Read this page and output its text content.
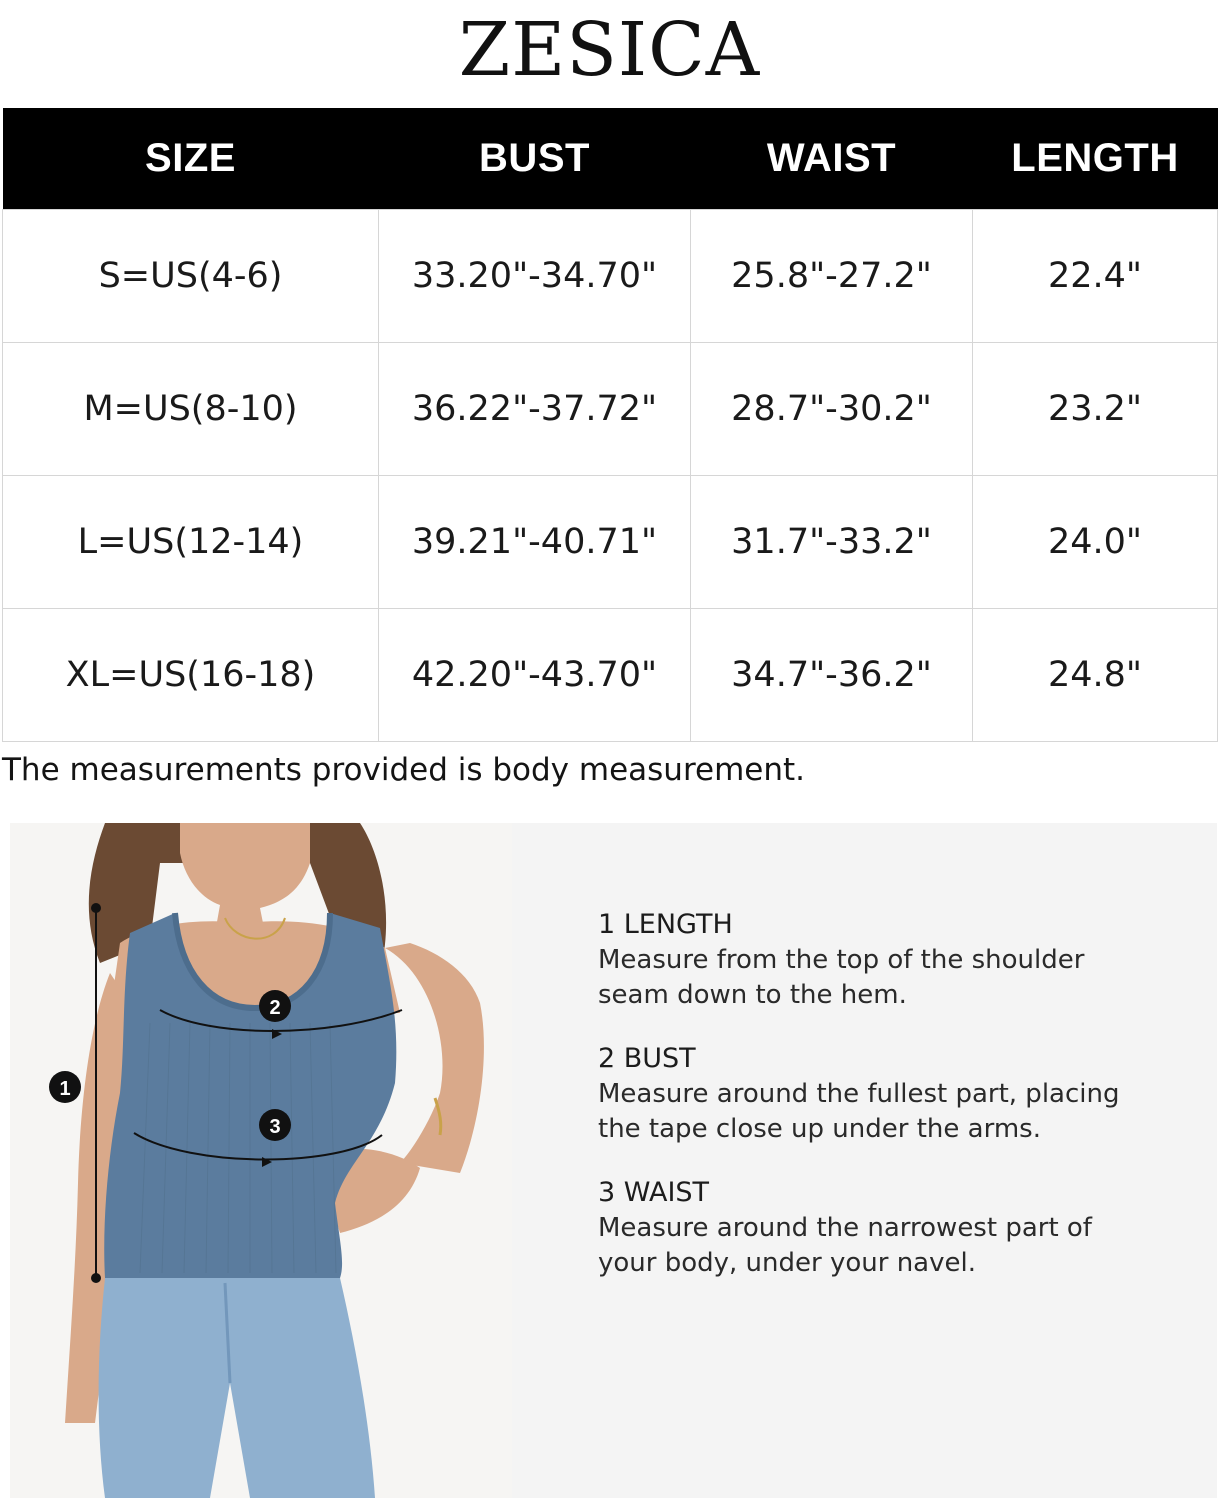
ZESICA
SIZE	BUST	WAIST	LENGTH
S=US(4-6)	33.20"-34.70"	25.8"-27.2"	22.4"
M=US(8-10)	36.22"-37.72"	28.7"-30.2"	23.2"
L=US(12-14)	39.21"-40.71"	31.7"-33.2"	24.0"
XL=US(16-18)	42.20"-43.70"	34.7"-36.2"	24.8"
The measurements provided is body measurement.
1
2
3
1 LENGTH
Measure from the top of the shoulder seam down to the hem.
2 BUST
Measure around the fullest part, placing the tape close up under the arms.
3 WAIST
Measure around the narrowest part of your body, under your navel.
